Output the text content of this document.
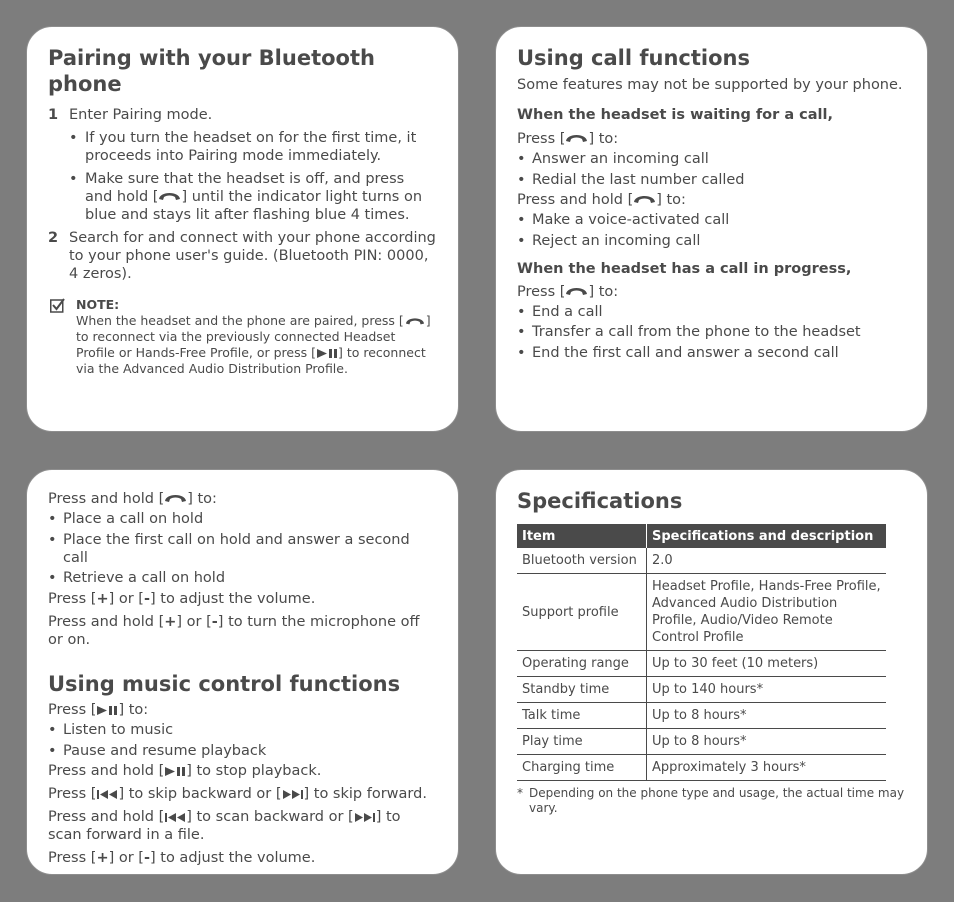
Pairing with your Bluetooth phone
1 Enter Pairing mode.
• If you turn the headset on for the first time, it proceeds into Pairing mode immediately.
• Make sure that the headset is off, and press and hold [ ] until the indicator light turns on blue and stays lit after flashing blue 4 times.
2 Search for and connect with your phone according to your phone user's guide. (Bluetooth PIN: 0000, 4 zeros).
NOTE:
When the headset and the phone are paired, press [ ] to reconnect via the previously connected Headset Profile or Hands-Free Profile, or press [ ] to reconnect via the Advanced Audio Distribution Profile.
Using call functions

Some features may not be supported by your phone.

When the headset is waiting for a call,

Press [ ] to:

• Answer an incoming call
• Redial the last number called

Press and hold [ ] to:

• Make a voice-activated call
• Reject an incoming call

When the headset has a call in progress,

Press [ ] to:

• End a call
• Transfer a call from the phone to the headset
• End the first call and answer a second call

Press and hold [ ] to:

• Place a call on hold
• Place the first call on hold and answer a second call
• Retrieve a call on hold

Press [+] or [-] to adjust the volume.

Press and hold [+] or [-] to turn the microphone off or on.

Using music control functions

Press [ ] to:

• Listen to music
• Pause and resume playback

Press and hold [ ] to stop playback.

Press [ ] to skip backward or [ ] to skip forward.

Press and hold [ ] to scan backward or [ ] to scan forward in a file.

Press [+] or [-] to adjust the volume.

Specifications
Item	Specifications and description
Bluetooth version	2.0
Support profile	Headset Profile, Hands-Free Profile, Advanced Audio Distribution Profile, Audio/Video Remote Control Profile
Operating range	Up to 30 feet (10 meters)
Standby time	Up to 140 hours*
Talk time	Up to 8 hours*
Play time	Up to 8 hours*
Charging time	Approximately 3 hours*
* Depending on the phone type and usage, the actual time may vary.
